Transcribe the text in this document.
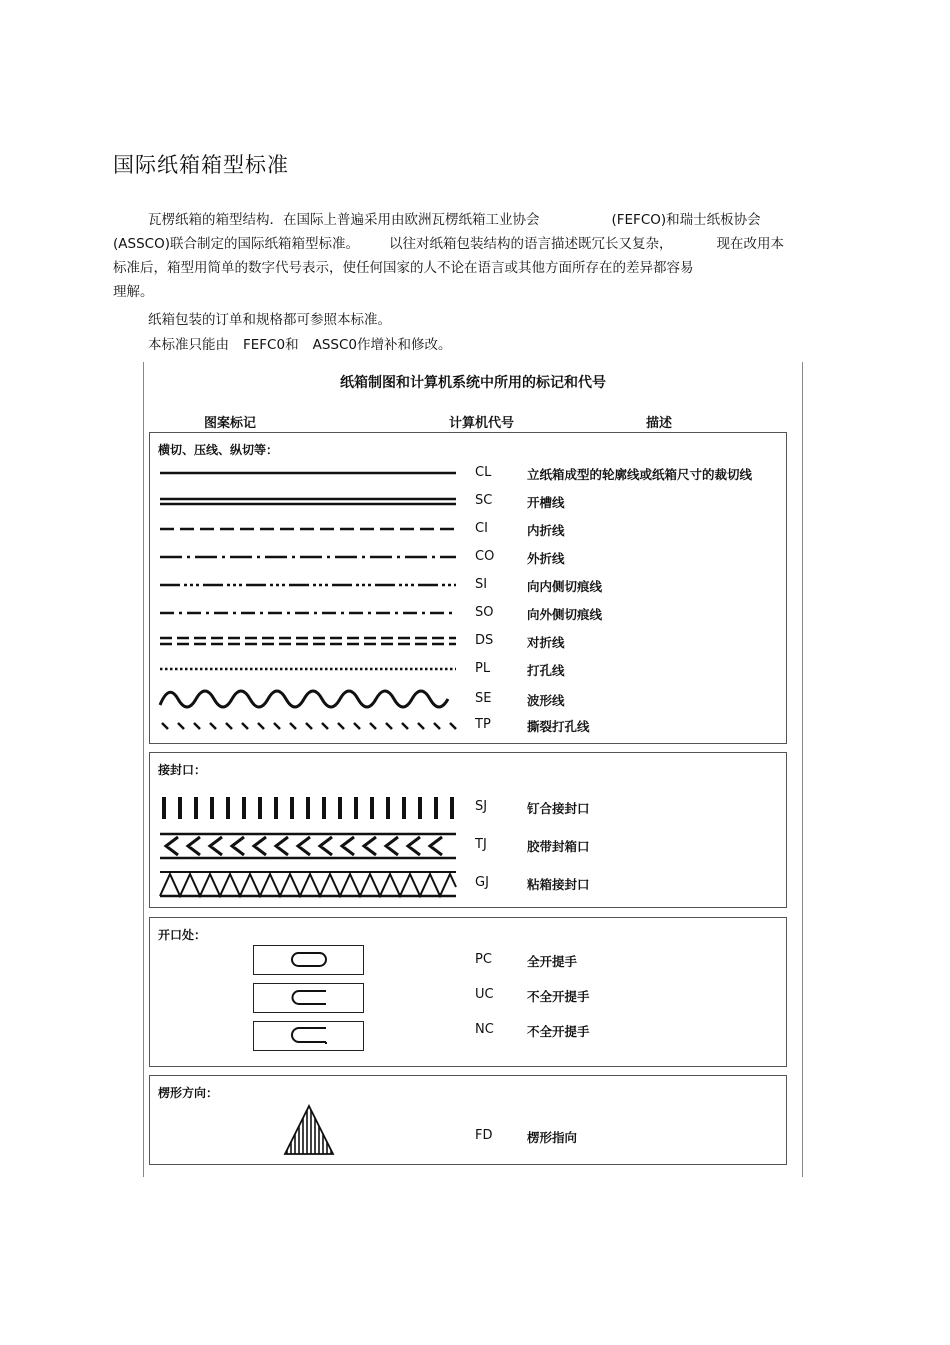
国际纸箱箱型标准
瓦楞纸箱的箱型结构．在国际上普遍采用由欧洲瓦楞纸箱工业协会	(FEFCO)和瑞士纸板协会
(ASSCO)联合制定的国际纸箱箱型标准。 以往对纸箱包装结构的语言描述既冗长又复杂，	现在改用本
标准后，箱型用简单的数字代号表示，使任何国家的人不论在语言或其他方面所存在的差异都容易
理解。
纸箱包装的订单和规格都可参照本标准。
本标准只能由 FEFC0和 ASSC0作增补和修改。
纸箱制图和计算机系统中所用的标记和代号
图案标记	计算机代号	描述
横切、压线、纵切等：
CL	立纸箱成型的轮廓线或纸箱尺寸的裁切线
SC	开槽线
CI	内折线
CO	外折线
SI	向内侧切痕线
SO	向外侧切痕线
DS	对折线
PL	打孔线
SE	波形线
TP	撕裂打孔线
接封口：
SJ	钉合接封口
TJ	胶带封箱口
GJ	粘箱接封口
开口处：
PC	全开提手
UC	不全开提手
NC	不全开提手
楞形方向：
FD	楞形指向
